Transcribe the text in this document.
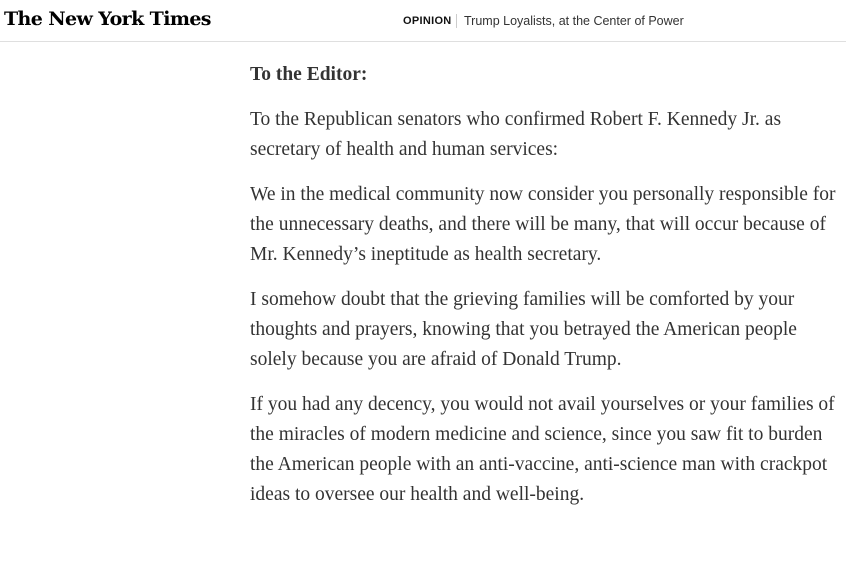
The New York Times	OPINION Trump Loyalists, at the Center of Power

To the Editor:

To the Republican senators who confirmed Robert F. Kennedy Jr. as secretary of health and human services:

We in the medical community now consider you personally responsible for the unnecessary deaths, and there will be many, that will occur because of Mr. Kennedy’s ineptitude as health secretary.

I somehow doubt that the grieving families will be comforted by your thoughts and prayers, knowing that you betrayed the American people solely because you are afraid of Donald Trump.

If you had any decency, you would not avail yourselves or your families of the miracles of modern medicine and science, since you saw fit to burden the American people with an anti-vaccine, anti-science man with crackpot ideas to oversee our health and well-being.
